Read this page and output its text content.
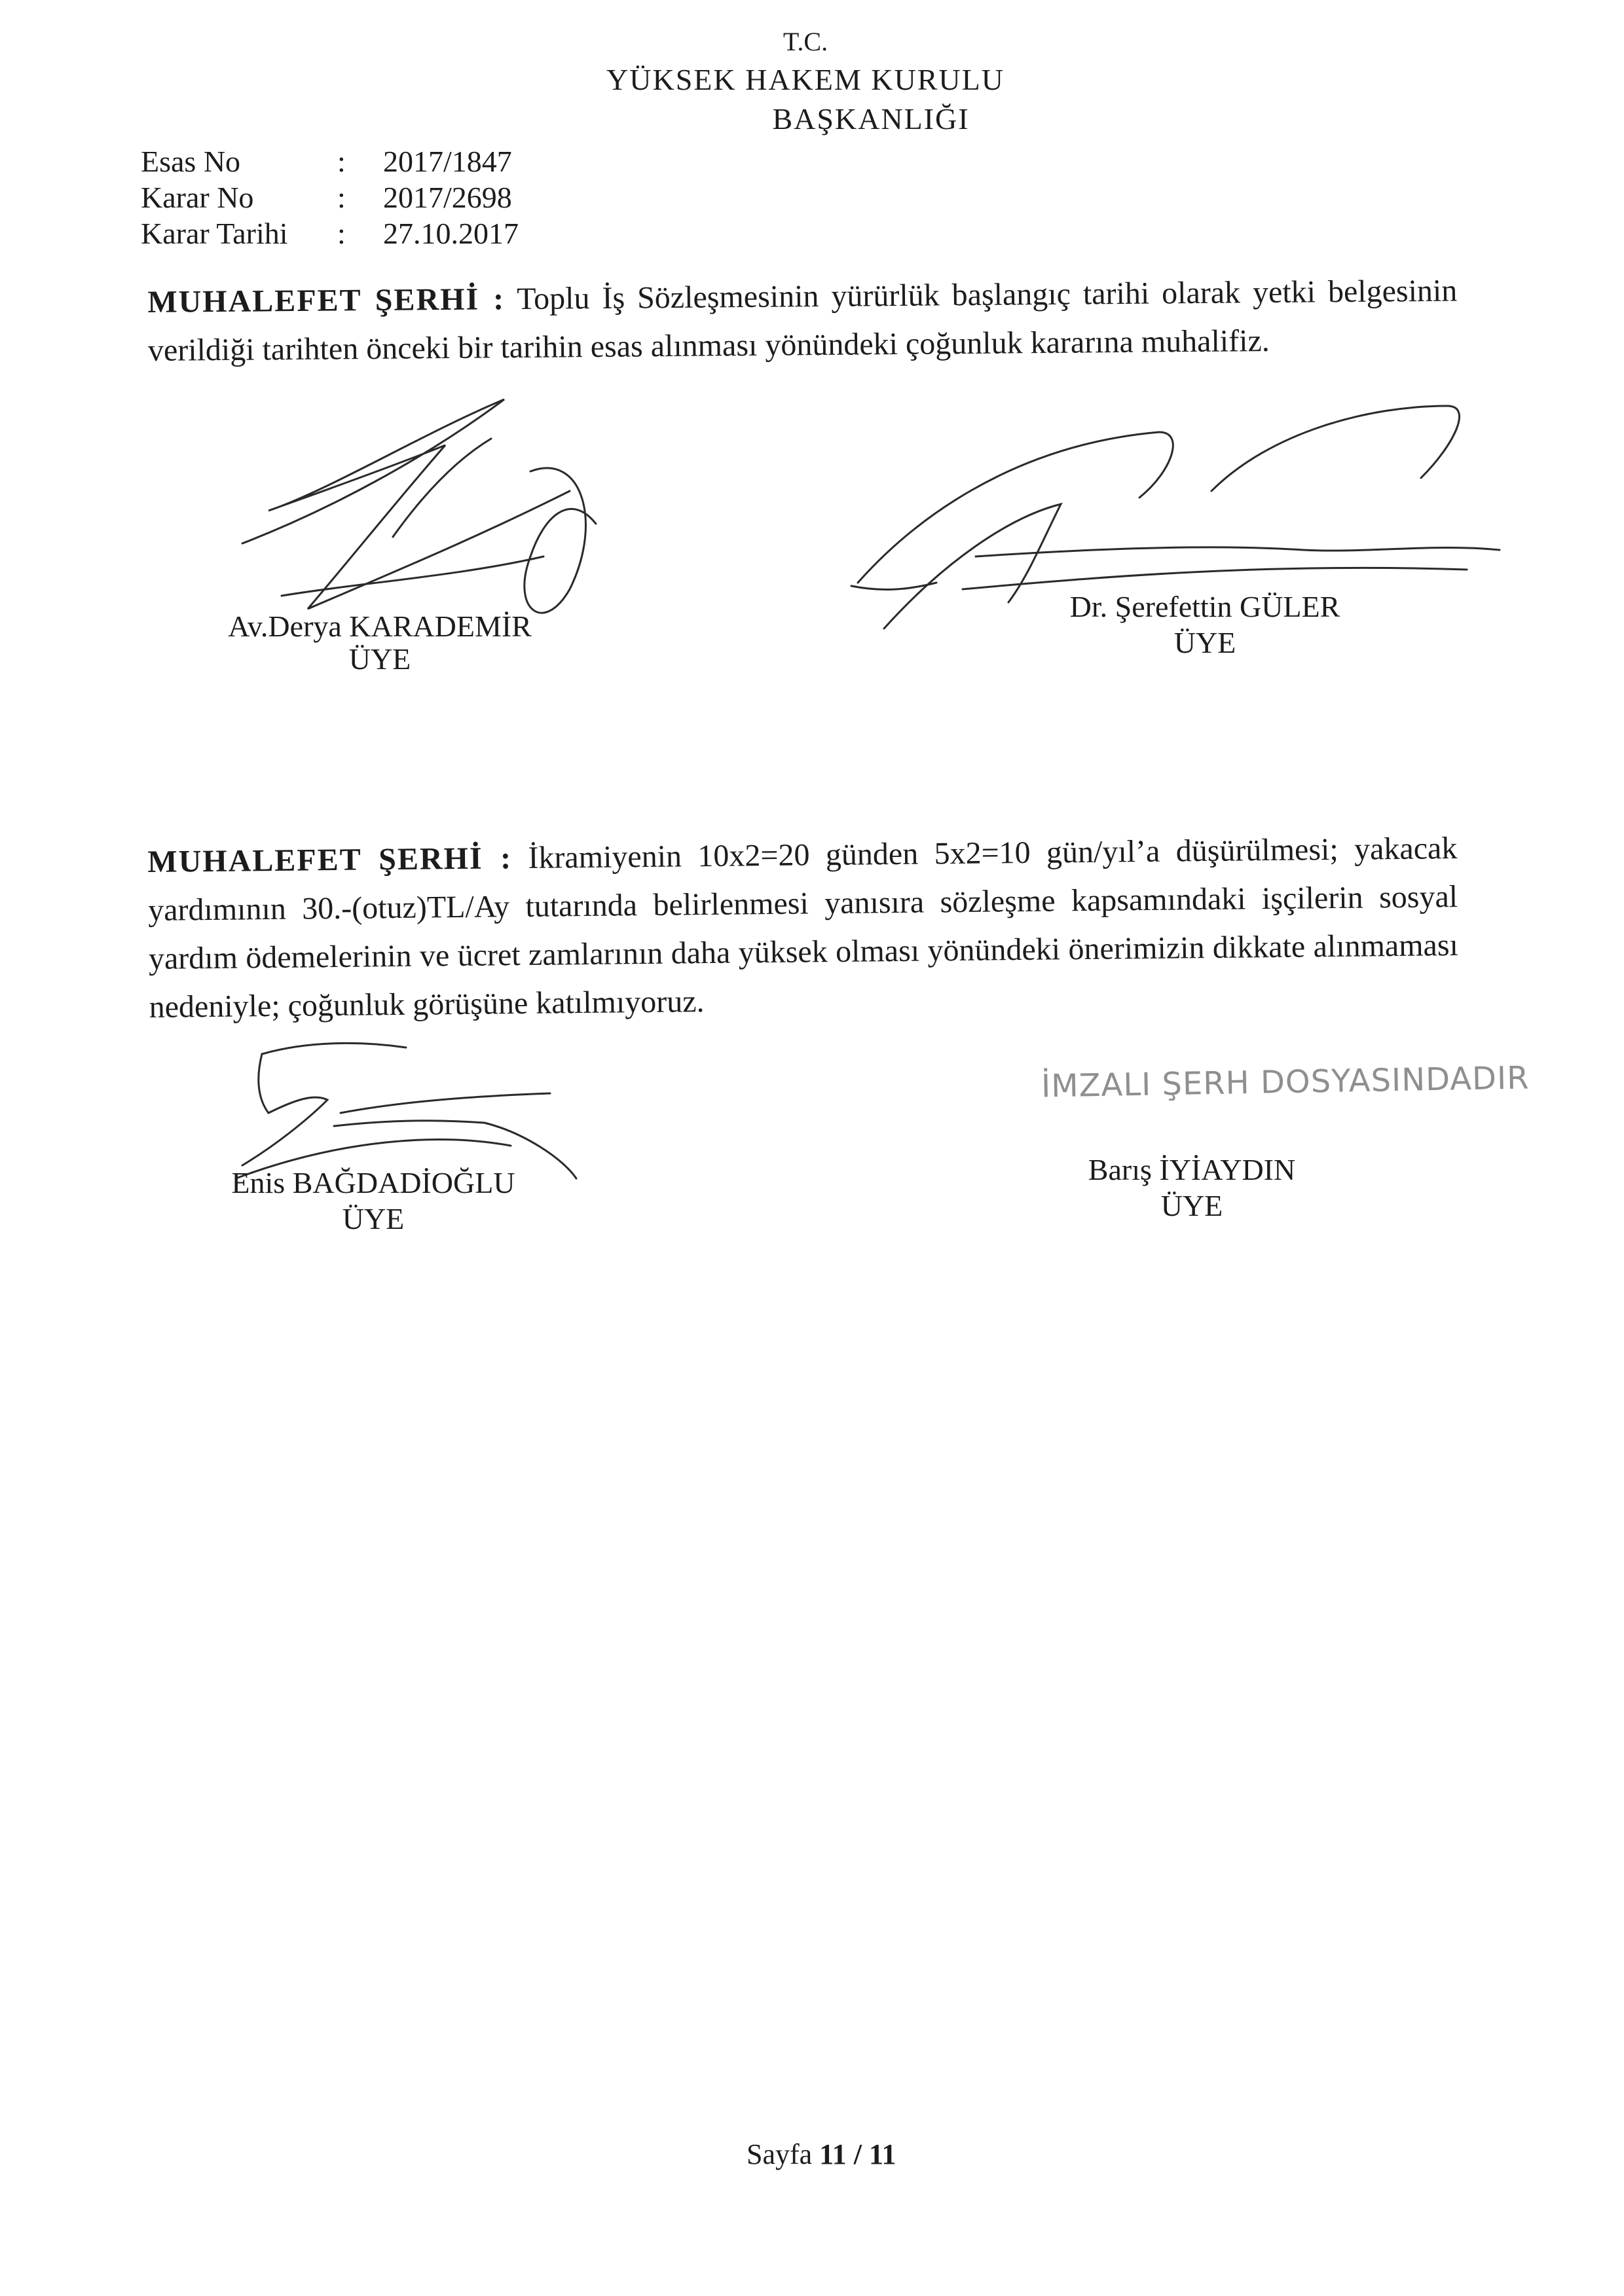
T.C.
YÜKSEK HAKEM KURULU
BAŞKANLIĞI
Esas No	: 2017/1847
Karar No	: 2017/2698
Karar Tarihi : 27.10.2017
MUHALEFET ŞERHİ : Toplu İş Sözleşmesinin yürürlük başlangıç tarihi olarak yetki belgesinin verildiği tarihten önceki bir tarihin esas alınması yönündeki çoğunluk kararına muhalifiz.
Av.Derya KARADEMİR
ÜYE
Dr. Şerefettin GÜLER
ÜYE
MUHALEFET ŞERHİ : İkramiyenin 10x2=20 günden 5x2=10 gün/yıl’a düşürülmesi; yakacak yardımının 30.-(otuz)TL/Ay tutarında belirlenmesi yanısıra sözleşme kapsamındaki işçilerin sosyal yardım ödemelerinin ve ücret zamlarının daha yüksek olması yönündeki önerimizin dikkate alınmaması nedeniyle; çoğunluk görüşüne katılmıyoruz.
İMZALI ŞERH DOSYASINDADIR
Enis BAĞDADİOĞLU
ÜYE
Barış İYİAYDIN
ÜYE
Sayfa 11 / 11
